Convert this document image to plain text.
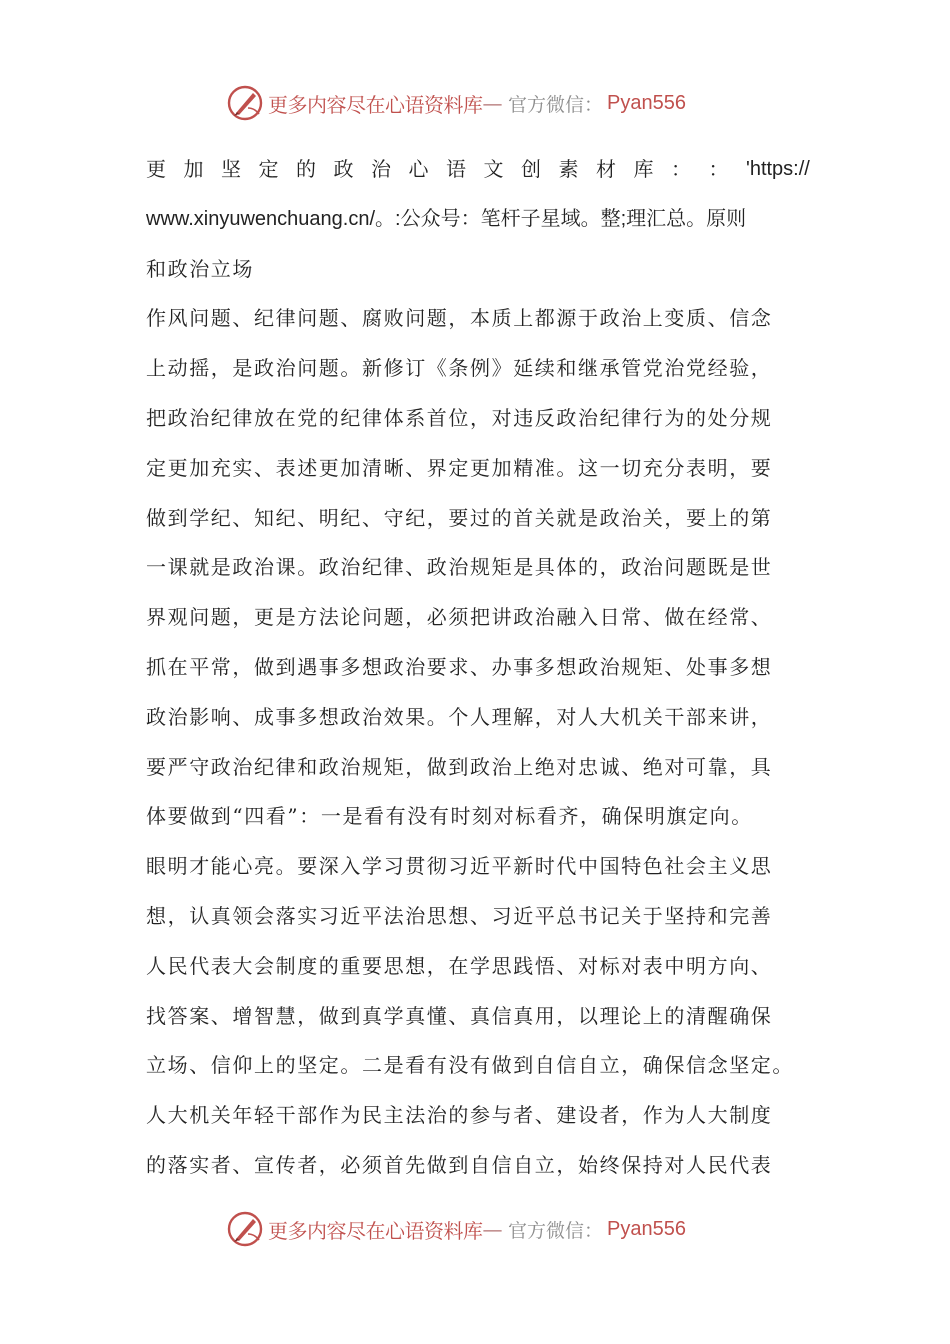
更多内容尽在心语资料库 — 官方微信： Pyan556
更 加 坚 定 的 政 治 心 语 文 创 素 材 库 ： ： 'https://
www.xinyuwenchuang.cn/。:公众号：笔杆子星域。整;理汇总。原则
和政治立场
作风问题、纪律问题、腐败问题，本质上都源于政治上变质、信念
上动摇，是政治问题。新修订《条例》延续和继承管党治党经验，
把政治纪律放在党的纪律体系首位，对违反政治纪律行为的处分规
定更加充实、表述更加清晰、界定更加精准。这一切充分表明，要
做到学纪、知纪、明纪、守纪，要过的首关就是政治关，要上的第
一课就是政治课。政治纪律、政治规矩是具体的，政治问题既是世
界观问题，更是方法论问题，必须把讲政治融入日常、做在经常、
抓在平常，做到遇事多想政治要求、办事多想政治规矩、处事多想
政治影响、成事多想政治效果。个人理解，对人大机关干部来讲，
要严守政治纪律和政治规矩，做到政治上绝对忠诚、绝对可靠，具
体要做到“四看”：一是看有没有时刻对标看齐，确保明旗定向。
眼明才能心亮。要深入学习贯彻习近平新时代中国特色社会主义思
想，认真领会落实习近平法治思想、习近平总书记关于坚持和完善
人民代表大会制度的重要思想，在学思践悟、对标对表中明方向、
找答案、增智慧，做到真学真懂、真信真用，以理论上的清醒确保
立场、信仰上的坚定。二是看有没有做到自信自立，确保信念坚定。
人大机关年轻干部作为民主法治的参与者、建设者，作为人大制度
的落实者、宣传者，必须首先做到自信自立，始终保持对人民代表
更多内容尽在心语资料库 — 官方微信： Pyan556
